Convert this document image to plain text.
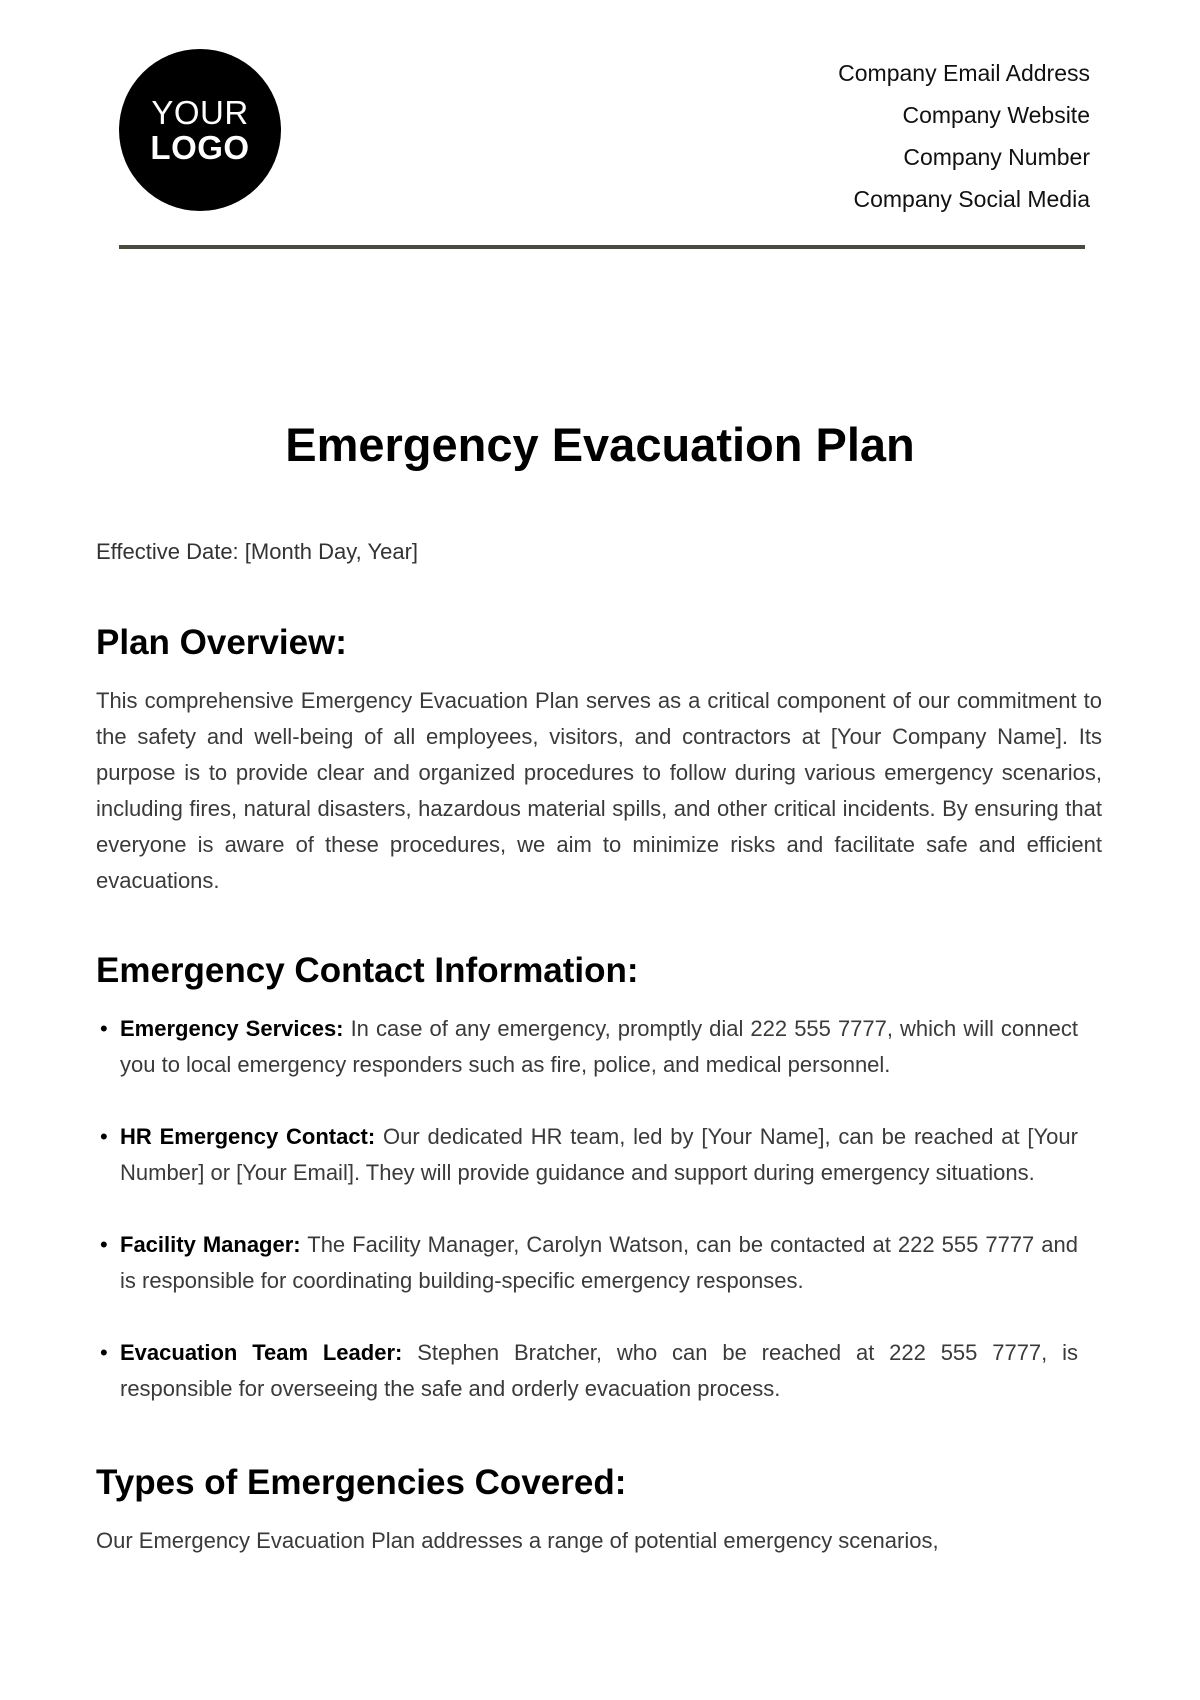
YOUR
LOGO
Company Email Address
Company Website
Company Number
Company Social Media
Emergency Evacuation Plan

Effective Date: [Month Day, Year]

Plan Overview:

This comprehensive Emergency Evacuation Plan serves as a critical component of our commitment to the safety and well-being of all employees, visitors, and contractors at [Your Company Name]. Its purpose is to provide clear and organized procedures to follow during various emergency scenarios, including fires, natural disasters, hazardous material spills, and other critical incidents. By ensuring that everyone is aware of these procedures, we aim to minimize risks and facilitate safe and efficient evacuations.

Emergency Contact Information:
• Emergency Services: In case of any emergency, promptly dial 222 555 7777, which will connect you to local emergency responders such as fire, police, and medical personnel.
• HR Emergency Contact: Our dedicated HR team, led by [Your Name], can be reached at [Your Number] or [Your Email]. They will provide guidance and support during emergency situations.
• Facility Manager: The Facility Manager, Carolyn Watson, can be contacted at 222 555 7777 and is responsible for coordinating building-specific emergency responses.
• Evacuation Team Leader: Stephen Bratcher, who can be reached at 222 555 7777, is responsible for overseeing the safe and orderly evacuation process.
Types of Emergencies Covered:

Our Emergency Evacuation Plan addresses a range of potential emergency scenarios,
